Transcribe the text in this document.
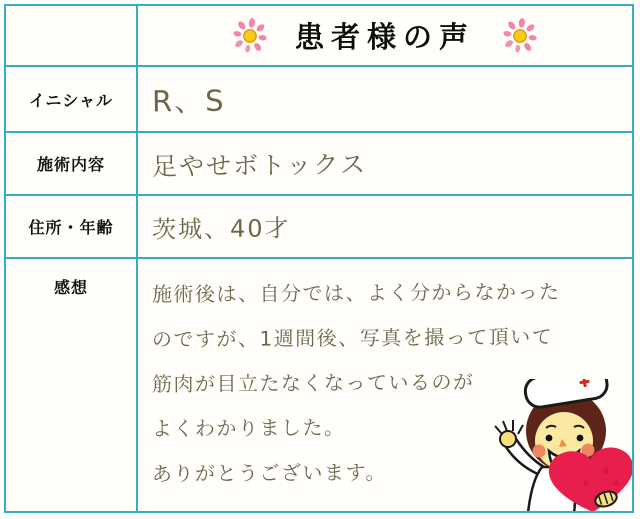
患者様の声
イニシャル	R、S
施術内容	足やせボトックス
住所・年齢	茨城、40才
感想	施術後は、自分では、よく分からなかった
のですが、1週間後、写真を撮って頂いて
筋肉が目立たなくなっているのが
よくわかりました。
ありがとうございます。
